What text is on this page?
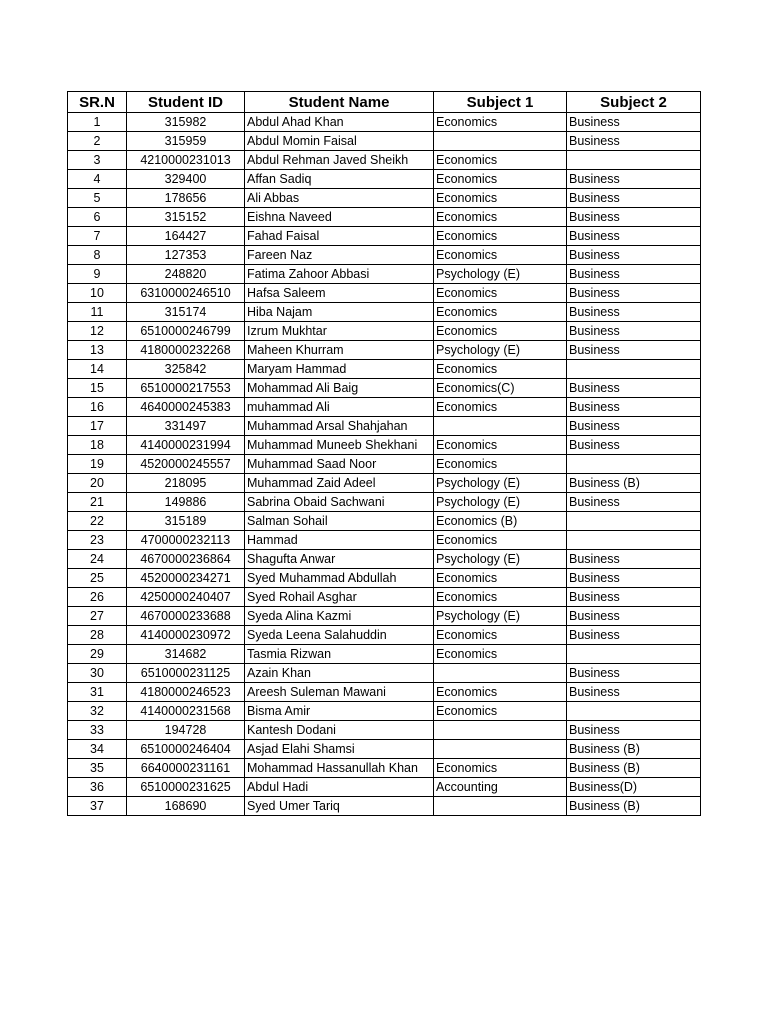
SR.N	Student ID	Student Name	Subject 1	Subject 2
1	315982	Abdul Ahad Khan	Economics	Business
2	315959	Abdul Momin Faisal		Business
3	4210000231013	Abdul Rehman Javed Sheikh	Economics	
4	329400	Affan Sadiq	Economics	Business
5	178656	Ali Abbas	Economics	Business
6	315152	Eishna Naveed	Economics	Business
7	164427	Fahad Faisal	Economics	Business
8	127353	Fareen Naz	Economics	Business
9	248820	Fatima Zahoor Abbasi	Psychology (E)	Business
10	6310000246510	Hafsa Saleem	Economics	Business
11	315174	Hiba Najam	Economics	Business
12	6510000246799	Izrum Mukhtar	Economics	Business
13	4180000232268	Maheen Khurram	Psychology (E)	Business
14	325842	Maryam Hammad	Economics	
15	6510000217553	Mohammad Ali Baig	Economics(C)	Business
16	4640000245383	muhammad Ali	Economics	Business
17	331497	Muhammad Arsal Shahjahan		Business
18	4140000231994	Muhammad Muneeb Shekhani	Economics	Business
19	4520000245557	Muhammad Saad Noor	Economics	
20	218095	Muhammad Zaid Adeel	Psychology (E)	Business (B)
21	149886	Sabrina Obaid Sachwani	Psychology (E)	Business
22	315189	Salman Sohail	Economics (B)	
23	4700000232113	Hammad	Economics	
24	4670000236864	Shagufta Anwar	Psychology (E)	Business
25	4520000234271	Syed Muhammad Abdullah	Economics	Business
26	4250000240407	Syed Rohail Asghar	Economics	Business
27	4670000233688	Syeda Alina Kazmi	Psychology (E)	Business
28	4140000230972	Syeda Leena Salahuddin	Economics	Business
29	314682	Tasmia Rizwan	Economics	
30	6510000231125	Azain Khan		Business
31	4180000246523	Areesh Suleman Mawani	Economics	Business
32	4140000231568	Bisma Amir	Economics	
33	194728	Kantesh Dodani		Business
34	6510000246404	Asjad Elahi Shamsi		Business (B)
35	6640000231161	Mohammad Hassanullah Khan	Economics	Business (B)
36	6510000231625	Abdul Hadi	Accounting	Business(D)
37	168690	Syed Umer Tariq		Business (B)
